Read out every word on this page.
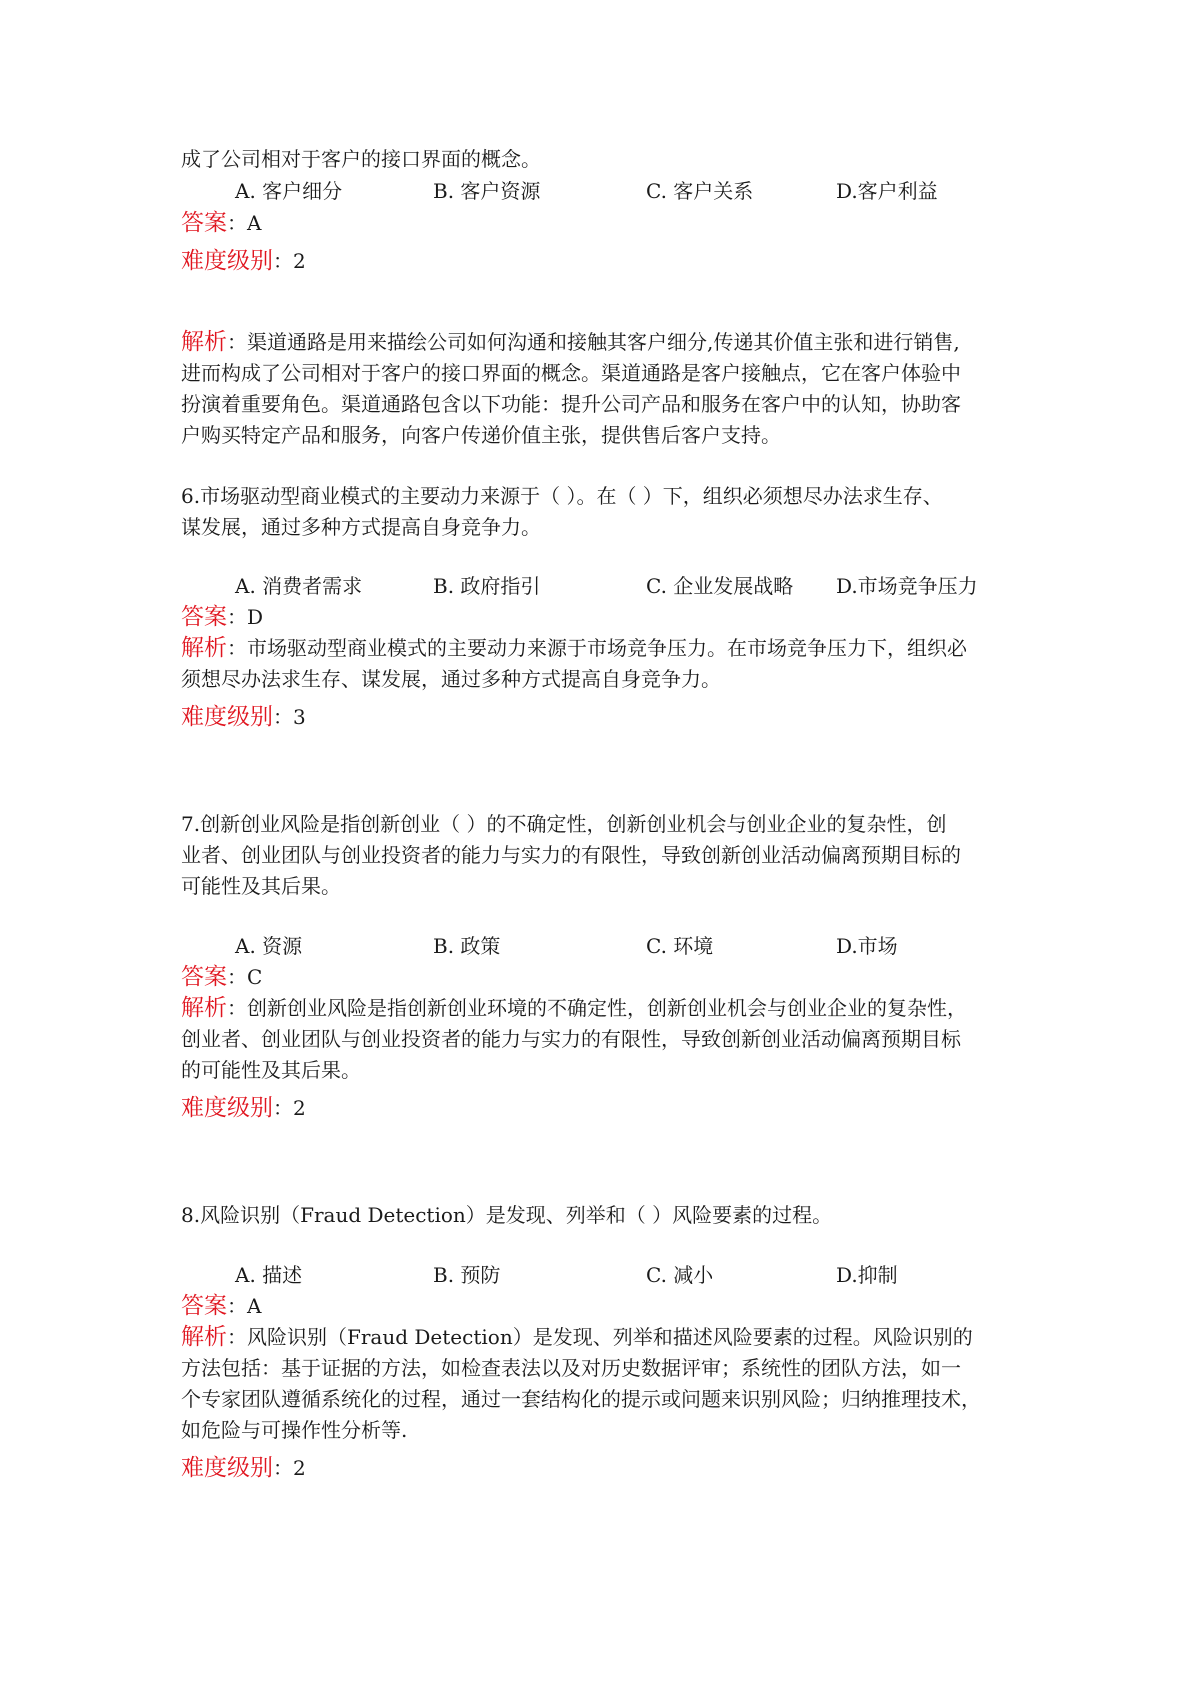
成了公司相对于客户的接口界面的概念。
A. 客户细分	B. 客户资源	C. 客户关系	D.客户利益
答案：A
难度级别：2
解析：渠道通路是用来描绘公司如何沟通和接触其客户细分,传递其价值主张和进行销售,
进而构成了公司相对于客户的接口界面的概念。渠道通路是客户接触点，它在客户体验中
扮演着重要角色。渠道通路包含以下功能：提升公司产品和服务在客户中的认知，协助客
户购买特定产品和服务，向客户传递价值主张，提供售后客户支持。
6.市场驱动型商业模式的主要动力来源于（ ）。在（ ）下，组织必须想尽办法求生存、
谋发展，通过多种方式提高自身竞争力。
A. 消费者需求	B. 政府指引	C. 企业发展战略 D.市场竞争压力
答案：D
解析：市场驱动型商业模式的主要动力来源于市场竞争压力。在市场竞争压力下，组织必
须想尽办法求生存、谋发展，通过多种方式提高自身竞争力。
难度级别：3
7.创新创业风险是指创新创业（ ）的不确定性，创新创业机会与创业企业的复杂性，创
业者、创业团队与创业投资者的能力与实力的有限性，导致创新创业活动偏离预期目标的
可能性及其后果。
A. 资源	B. 政策	C. 环境	D.市场
答案：C
解析：创新创业风险是指创新创业环境的不确定性，创新创业机会与创业企业的复杂性，
创业者、创业团队与创业投资者的能力与实力的有限性，导致创新创业活动偏离预期目标
的可能性及其后果。
难度级别：2
8.风险识别（Fraud Detection）是发现、列举和（ ）风险要素的过程。
A. 描述	B. 预防	C. 减小	D.抑制
答案：A
解析：风险识别（Fraud Detection）是发现、列举和描述风险要素的过程。风险识别的
方法包括：基于证据的方法，如检查表法以及对历史数据评审；系统性的团队方法，如一
个专家团队遵循系统化的过程，通过一套结构化的提示或问题来识别风险；归纳推理技术，
如危险与可操作性分析等.
难度级别：2
